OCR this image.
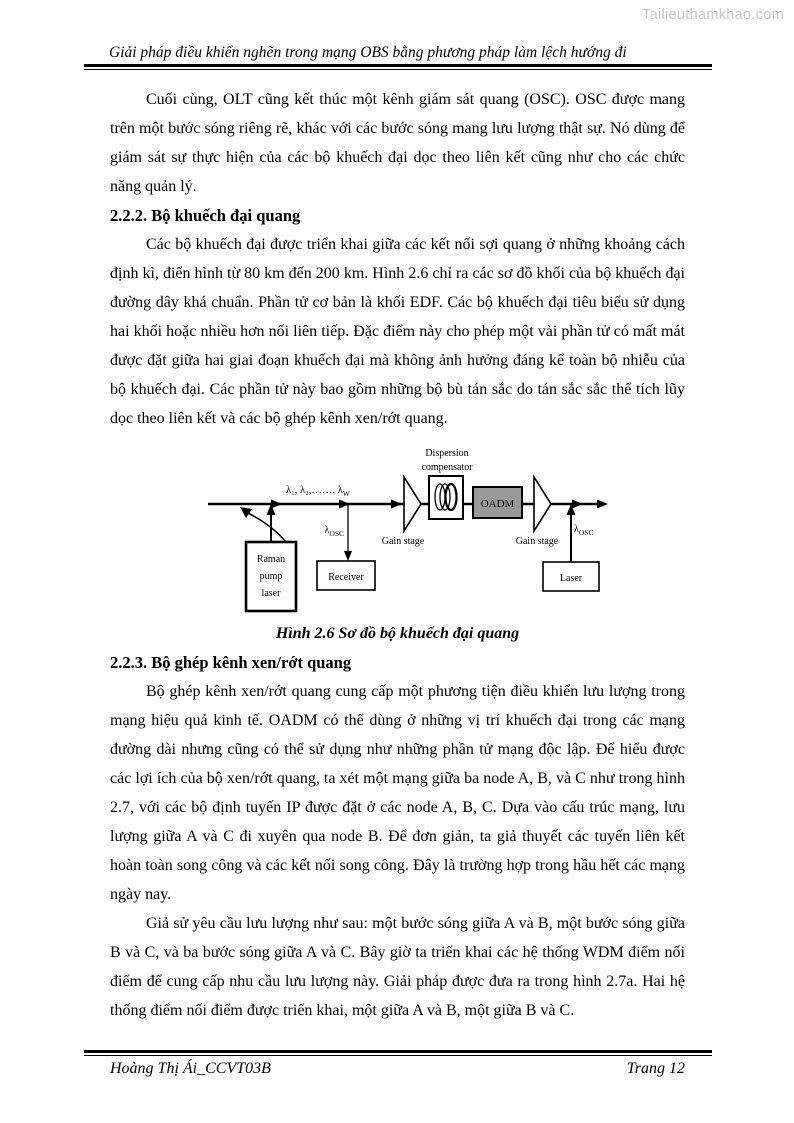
Tailieuthamkhao.com
Giải pháp điều khiển nghẽn trong mạng OBS bằng phương pháp làm lệch hướng đi

Cuối cùng, OLT cũng kết thúc một kênh giám sát quang (OSC). OSC được mang trên một bước sóng riêng rẽ, khác với các bước sóng mang lưu lượng thật sự. Nó dùng để giám sát sự thực hiện của các bộ khuếch đại dọc theo liên kết cũng như cho các chức năng quản lý.

2.2.2. Bộ khuếch đại quang

Các bộ khuếch đại được triển khai giữa các kết nối sợi quang ở những khoảng cách định kì, điển hình từ 80 km đến 200 km. Hình 2.6 chỉ ra các sơ đồ khối của bộ khuếch đại đường dây khá chuẩn. Phần tử cơ bản là khối EDF. Các bộ khuếch đại tiêu biểu sử dụng hai khối hoặc nhiều hơn nối liên tiếp. Đặc điểm này cho phép một vài phần tử có mất mát được đặt giữa hai giai đoạn khuếch đại mà không ảnh hưởng đáng kể toàn bộ nhiễu của bộ khuếch đại. Các phần tử này bao gồm những bộ bù tán sắc do tán sắc sắc thể tích lũy dọc theo liên kết và các bộ ghép kênh xen/rớt quang.

λ₁, λ₂,……. $\lambda_W$
Raman
pump
laser
$\lambda_{OSC}$
Receiver
Gain stage
Dispersion
compensator
OADM
Gain stage
$\lambda_{OSC}$
Laser
Hình 2.6 Sơ đồ bộ khuếch đại quang
2.2.3. Bộ ghép kênh xen/rớt quang

Bộ ghép kênh xen/rớt quang cung cấp một phương tiện điều khiển lưu lượng trong mạng hiệu quả kinh tế. OADM có thể dùng ở những vị trí khuếch đại trong các mạng đường dài nhưng cũng có thể sử dụng như những phần tử mạng độc lập. Để hiểu được các lợi ích của bộ xen/rớt quang, ta xét một mạng giữa ba node A, B, và C như trong hình 2.7, với các bộ định tuyến IP được đặt ở các node A, B, C. Dựa vào cấu trúc mạng, lưu lượng giữa A và C đi xuyên qua node B. Để đơn giản, ta giả thuyết các tuyến liên kết hoàn toàn song công và các kết nối song công. Đây là trường hợp trong hầu hết các mạng ngày nay.

Giả sử yêu cầu lưu lượng như sau: một bước sóng giữa A và B, một bước sóng giữa B và C, và ba bước sóng giữa A và C. Bây giờ ta triển khai các hệ thống WDM điểm nối điểm để cung cấp nhu cầu lưu lượng này. Giải pháp được đưa ra trong hình 2.7a. Hai hệ thống điểm nối điểm được triển khai, một giữa A và B, một giữa B và C.

Hoàng Thị Ái_CCVT03B	Trang 12
